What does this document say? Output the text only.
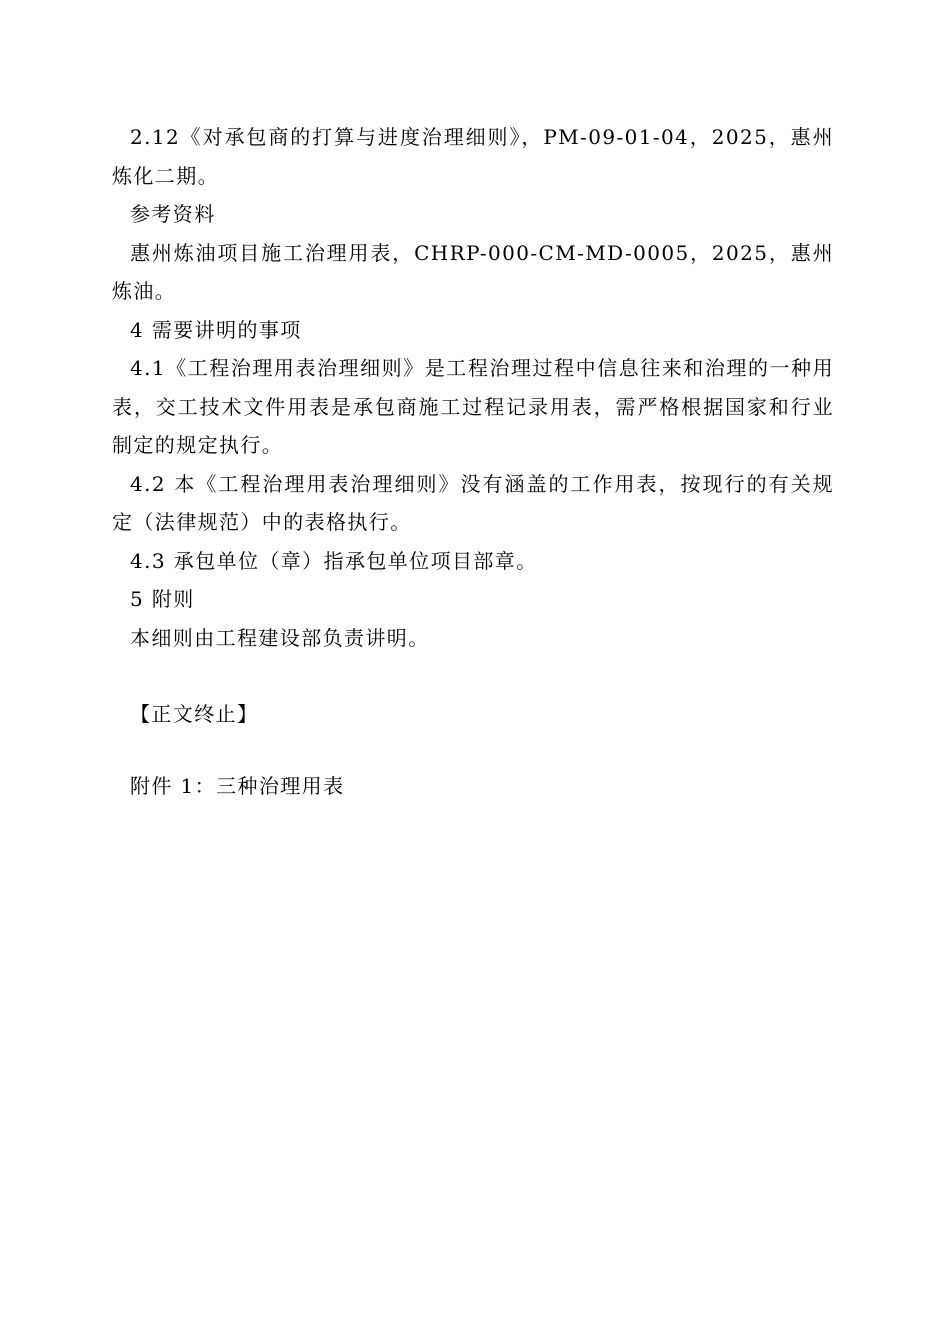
2.12《对承包商的打算与进度治理细则》，PM-09-01-04，2025，惠州炼化二期。

参考资料

惠州炼油项目施工治理用表，CHRP-000-CM-MD-0005，2025，惠州炼油。

4 需要讲明的事项

4.1《工程治理用表治理细则》是工程治理过程中信息往来和治理的一种用表，交工技术文件用表是承包商施工过程记录用表，需严格根据国家和行业制定的规定执行。

4.2 本《工程治理用表治理细则》没有涵盖的工作用表，按现行的有关规定（法律规范）中的表格执行。

4.3 承包单位（章）指承包单位项目部章。

5 附则

本细则由工程建设部负责讲明。

【正文终止】

附件 1：三种治理用表
